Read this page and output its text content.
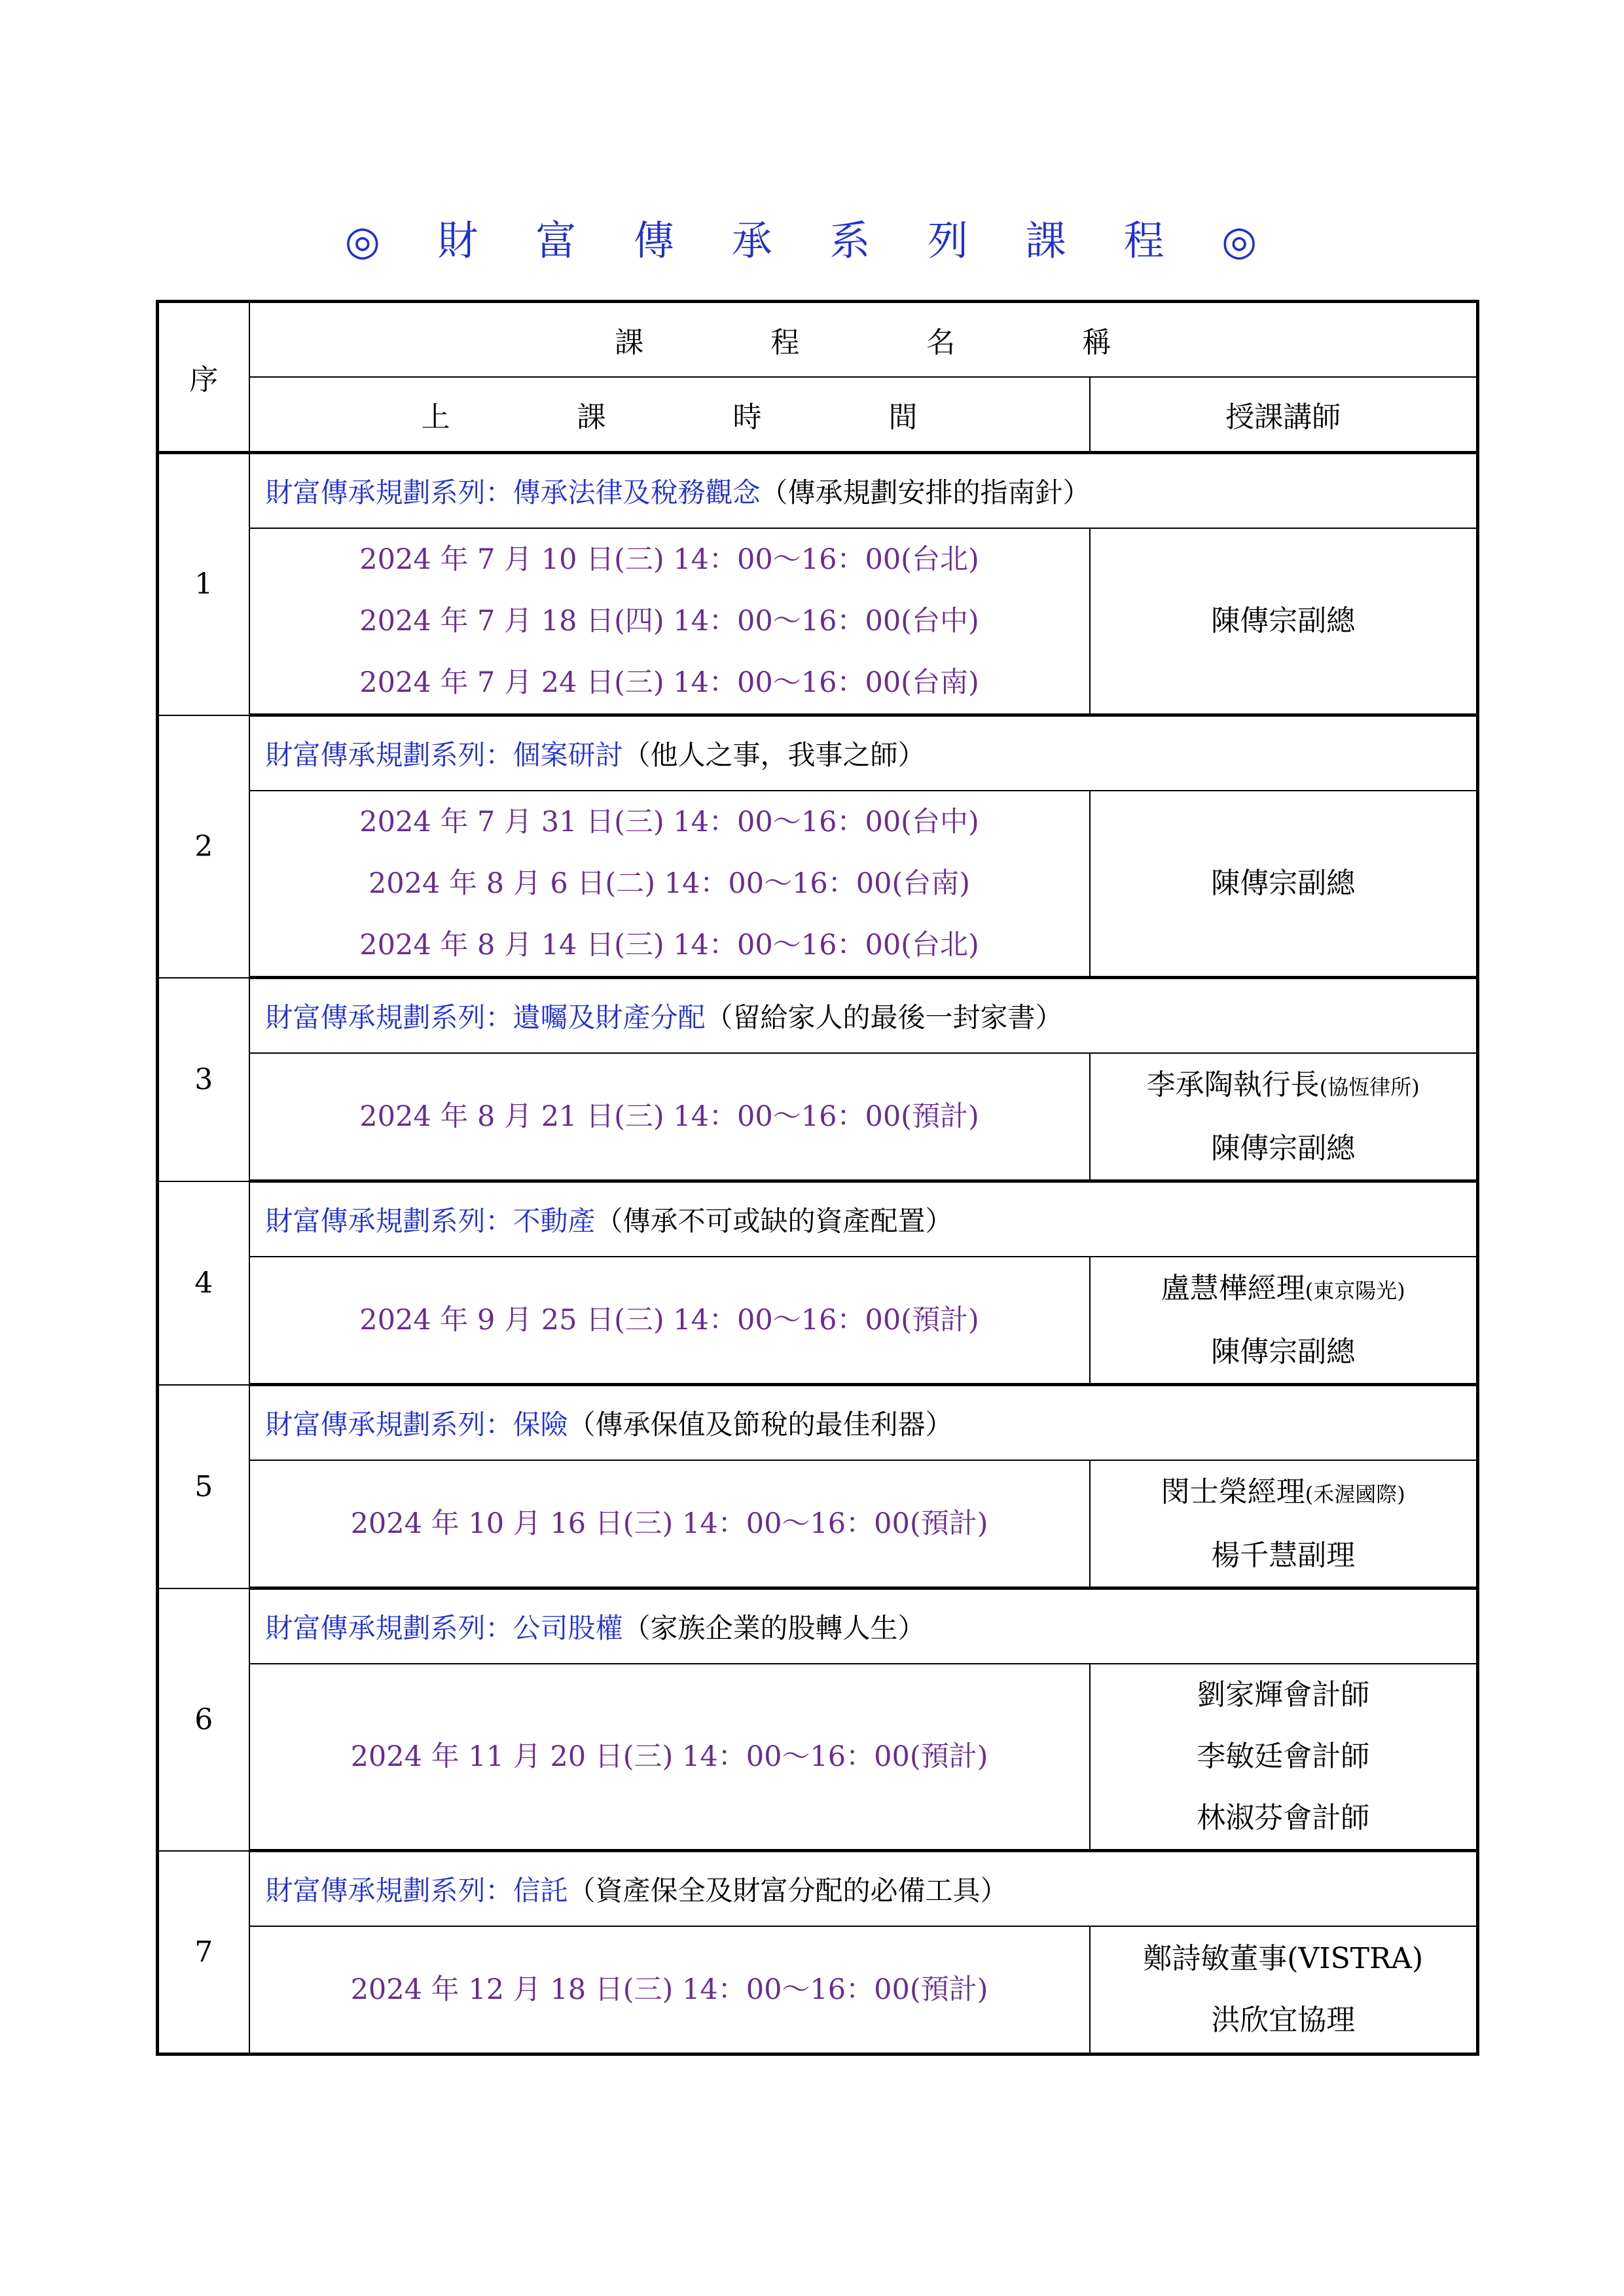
◎ 財 富 傳 承 系 列 課 程 ◎
序	課 程 名 稱	
	上 課 時 間	授課講師
1	財富傳承規劃系列：傳承法律及稅務觀念（傳承規劃安排的指南針）	

	2024 年 7 月 10 日(三) 14：00～16：00(台北)
2024 年 7 月 18 日(四) 14：00～16：00(台中)
2024 年 7 月 24 日(三) 14：00～16：00(台南)	陳傳宗副總

2	財富傳承規劃系列：個案研討（他人之事，我事之師）	

	2024 年 7 月 31 日(三) 14：00～16：00(台中)
2024 年 8 月 6 日(二) 14：00～16：00(台南)
2024 年 8 月 14 日(三) 14：00～16：00(台北)	陳傳宗副總

3	財富傳承規劃系列：遺囑及財產分配（留給家人的最後一封家書）	

	2024 年 8 月 21 日(三) 14：00～16：00(預計)	李承陶執行長(協恆律所)
陳傳宗副總

4	財富傳承規劃系列：不動產（傳承不可或缺的資產配置）	

	2024 年 9 月 25 日(三) 14：00～16：00(預計)	盧慧樺經理(東京陽光)
陳傳宗副總

5	財富傳承規劃系列：保險（傳承保值及節稅的最佳利器）	

	2024 年 10 月 16 日(三) 14：00～16：00(預計)	閔士榮經理(禾渥國際)
楊千慧副理

6	財富傳承規劃系列：公司股權（家族企業的股轉人生）	

	2024 年 11 月 20 日(三) 14：00～16：00(預計)	劉家輝會計師
李敏廷會計師
林淑芬會計師

7	財富傳承規劃系列：信託（資產保全及財富分配的必備工具）	

	2024 年 12 月 18 日(三) 14：00～16：00(預計)	鄭詩敏董事(VISTRA)
洪欣宜協理
